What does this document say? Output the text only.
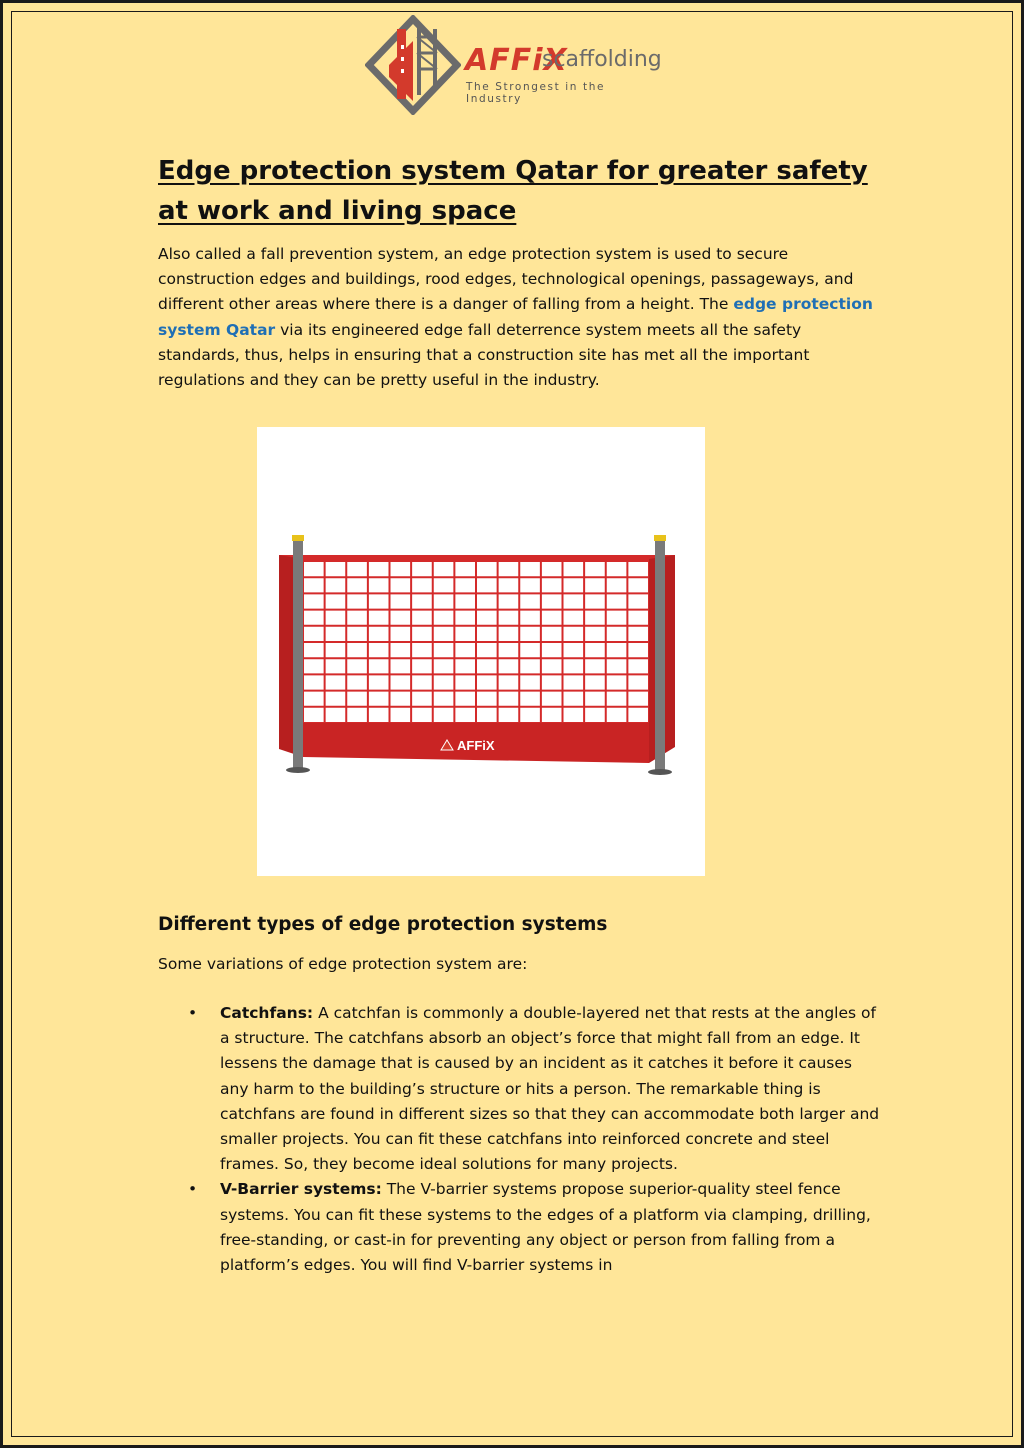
AFFiX
scaffolding
The Strongest in the Industry
Edge protection system Qatar for greater safety at work and living space

Also called a fall prevention system, an edge protection system is used to secure construction edges and buildings, rood edges, technological openings, passageways, and different other areas where there is a danger of falling from a height. The edge protection system Qatar via its engineered edge fall deterrence system meets all the safety standards, thus, helps in ensuring that a construction site has met all the important regulations and they can be pretty useful in the industry.

AFFiX
Different types of edge protection systems

Some variations of edge protection system are:

• Catchfans: A catchfan is commonly a double-layered net that rests at the angles of a structure. The catchfans absorb an object’s force that might fall from an edge. It lessens the damage that is caused by an incident as it catches it before it causes any harm to the building’s structure or hits a person. The remarkable thing is catchfans are found in different sizes so that they can accommodate both larger and smaller projects. You can fit these catchfans into reinforced concrete and steel frames. So, they become ideal solutions for many projects.
• V-Barrier systems: The V-barrier systems propose superior-quality steel fence systems. You can fit these systems to the edges of a platform via clamping, drilling, free-standing, or cast-in for preventing any object or person from falling from a platform’s edges. You will find V-barrier systems in
